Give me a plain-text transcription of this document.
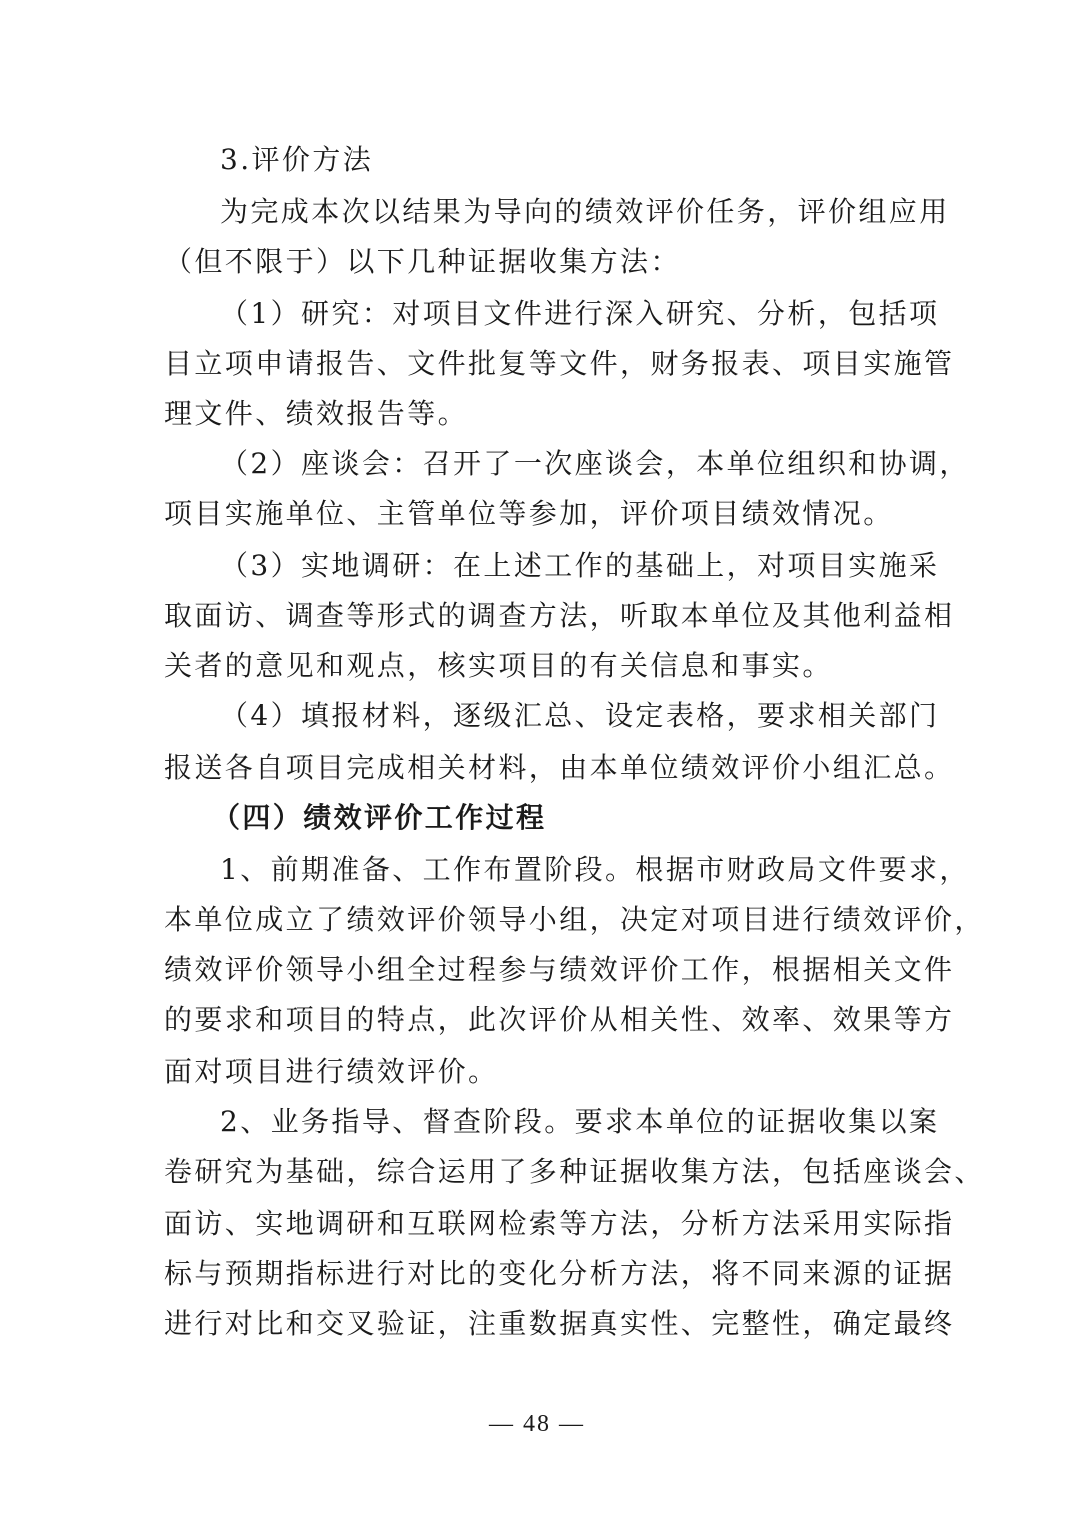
3.评价方法
为完成本次以结果为导向的绩效评价任务，评价组应用
（但不限于）以下几种证据收集方法：
（1）研究：对项目文件进行深入研究、分析，包括项
目立项申请报告、文件批复等文件，财务报表、项目实施管
理文件、绩效报告等。
（2）座谈会：召开了一次座谈会，本单位组织和协调，
项目实施单位、主管单位等参加，评价项目绩效情况。
（3）实地调研：在上述工作的基础上，对项目实施采
取面访、调查等形式的调查方法，听取本单位及其他利益相
关者的意见和观点，核实项目的有关信息和事实。
（4）填报材料，逐级汇总、设定表格，要求相关部门
报送各自项目完成相关材料，由本单位绩效评价小组汇总。
（四）绩效评价工作过程
1、前期准备、工作布置阶段。根据市财政局文件要求，
本单位成立了绩效评价领导小组，决定对项目进行绩效评价，
绩效评价领导小组全过程参与绩效评价工作，根据相关文件
的要求和项目的特点，此次评价从相关性、效率、效果等方
面对项目进行绩效评价。
2、业务指导、督查阶段。要求本单位的证据收集以案
卷研究为基础，综合运用了多种证据收集方法，包括座谈会、
面访、实地调研和互联网检索等方法，分析方法采用实际指
标与预期指标进行对比的变化分析方法，将不同来源的证据
进行对比和交叉验证，注重数据真实性、完整性，确定最终
— 48 —
